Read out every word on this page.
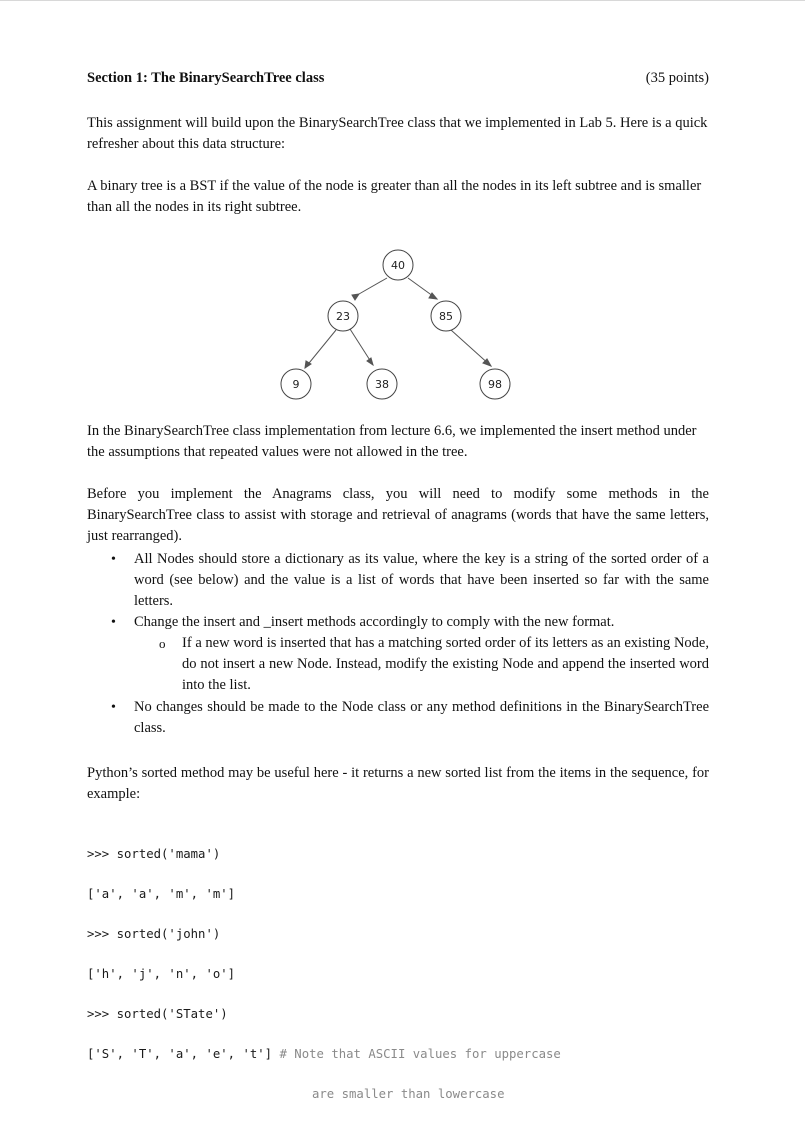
Section 1: The BinarySearchTree class	(35 points)
This assignment will build upon the BinarySearchTree class that we implemented in Lab 5. Here is a quick refresher about this data structure:
A binary tree is a BST if the value of the node is greater than all the nodes in its left subtree and is smaller than all the nodes in its right subtree.
40
23	85
9	38	98
In the BinarySearchTree class implementation from lecture 6.6, we implemented the insert method under the assumptions that repeated values were not allowed in the tree.
Before you implement the Anagrams class, you will need to modify some methods in the BinarySearchTree class to assist with storage and retrieval of anagrams (words that have the same letters, just rearranged).
• All Nodes should store a dictionary as its value, where the key is a string of the sorted order of a word (see below) and the value is a list of words that have been inserted so far with the same letters.
• Change the insert and _insert methods accordingly to comply with the new format.
o If a new word is inserted that has a matching sorted order of its letters as an existing Node, do not insert a new Node. Instead, modify the existing Node and append the inserted word into the list.
• No changes should be made to the Node class or any method definitions in the BinarySearchTree class.
Python’s sorted method may be useful here - it returns a new sorted list from the items in the sequence, for example:

>>> sorted('mama')

['a', 'a', 'm', 'm']

>>> sorted('john')

['h', 'j', 'n', 'o']

>>> sorted('STate')

['S', 'T', 'a', 'e', 't'] # Note that ASCII values for uppercase

are smaller than lowercase
